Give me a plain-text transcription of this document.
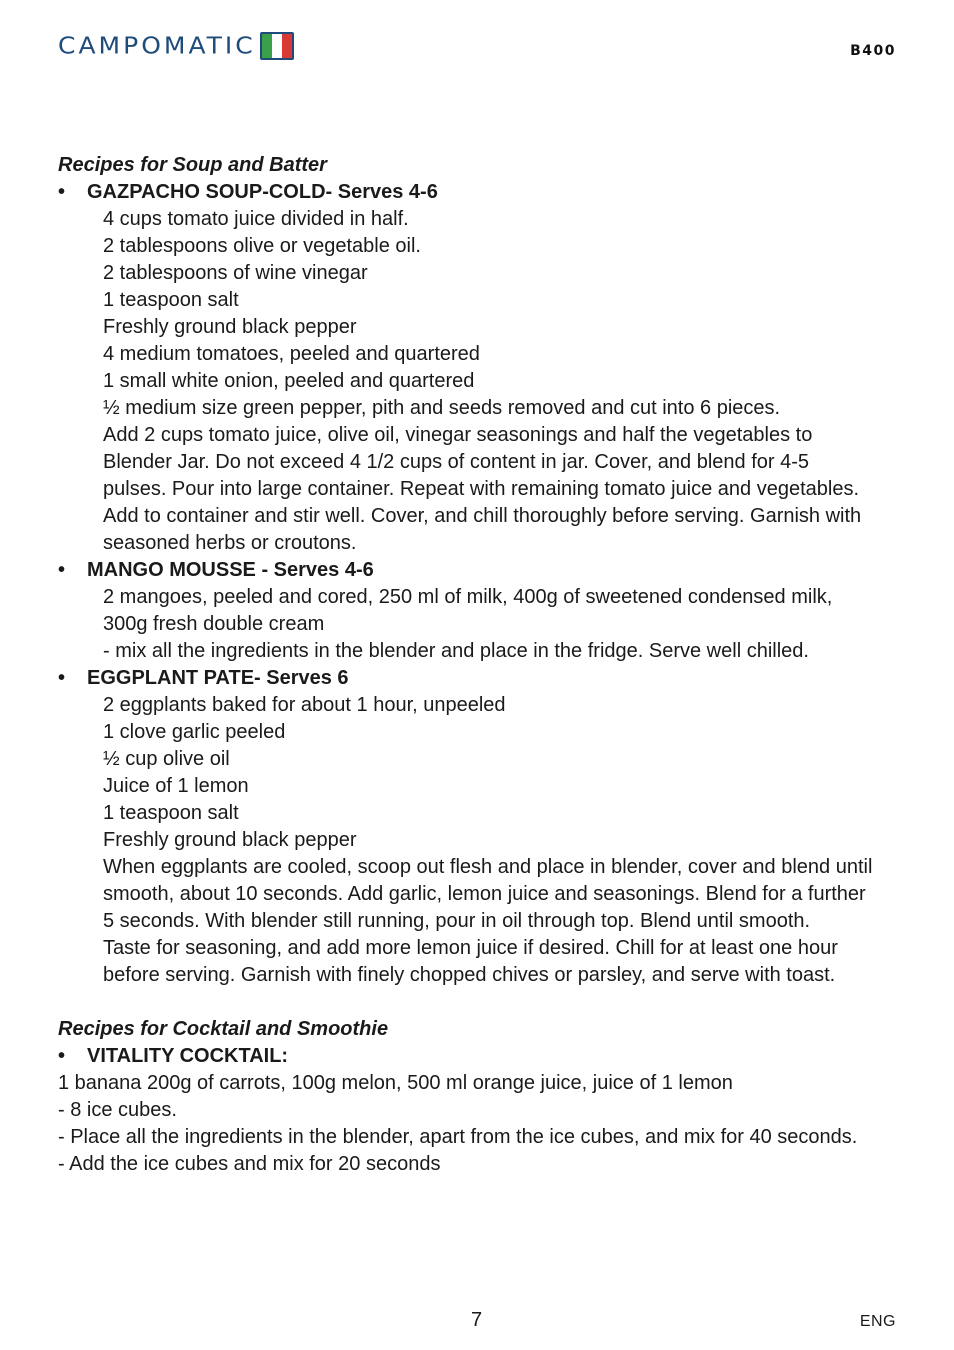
CAMPOMATIC	B400
Recipes for Soup and Batter
• GAZPACHO SOUP-COLD- Serves 4-6
4 cups tomato juice divided in half.
2 tablespoons olive or vegetable oil.
2 tablespoons of wine vinegar
1 teaspoon salt
Freshly ground black pepper
4 medium tomatoes, peeled and quartered
1 small white onion, peeled and quartered
½ medium size green pepper, pith and seeds removed and cut into 6 pieces.
Add 2 cups tomato juice, olive oil, vinegar seasonings and half the vegetables to
Blender Jar. Do not exceed 4 1/2 cups of content in jar. Cover, and blend for 4-5
pulses. Pour into large container. Repeat with remaining tomato juice and vegetables.
Add to container and stir well. Cover, and chill thoroughly before serving. Garnish with
seasoned herbs or croutons.
• MANGO MOUSSE - Serves 4-6
2 mangoes, peeled and cored, 250 ml of milk, 400g of sweetened condensed milk,
300g fresh double cream
- mix all the ingredients in the blender and place in the fridge. Serve well chilled.
• EGGPLANT PATE- Serves 6
2 eggplants baked for about 1 hour, unpeeled
1 clove garlic peeled
½ cup olive oil
Juice of 1 lemon
1 teaspoon salt
Freshly ground black pepper
When eggplants are cooled, scoop out flesh and place in blender, cover and blend until
smooth, about 10 seconds. Add garlic, lemon juice and seasonings. Blend for a further
5 seconds. With blender still running, pour in oil through top. Blend until smooth.
Taste for seasoning, and add more lemon juice if desired. Chill for at least one hour
before serving. Garnish with finely chopped chives or parsley, and serve with toast.
Recipes for Cocktail and Smoothie
• VITALITY COCKTAIL:
1 banana 200g of carrots, 100g melon, 500 ml orange juice, juice of 1 lemon
- 8 ice cubes.
- Place all the ingredients in the blender, apart from the ice cubes, and mix for 40 seconds.
- Add the ice cubes and mix for 20 seconds
7	ENG
